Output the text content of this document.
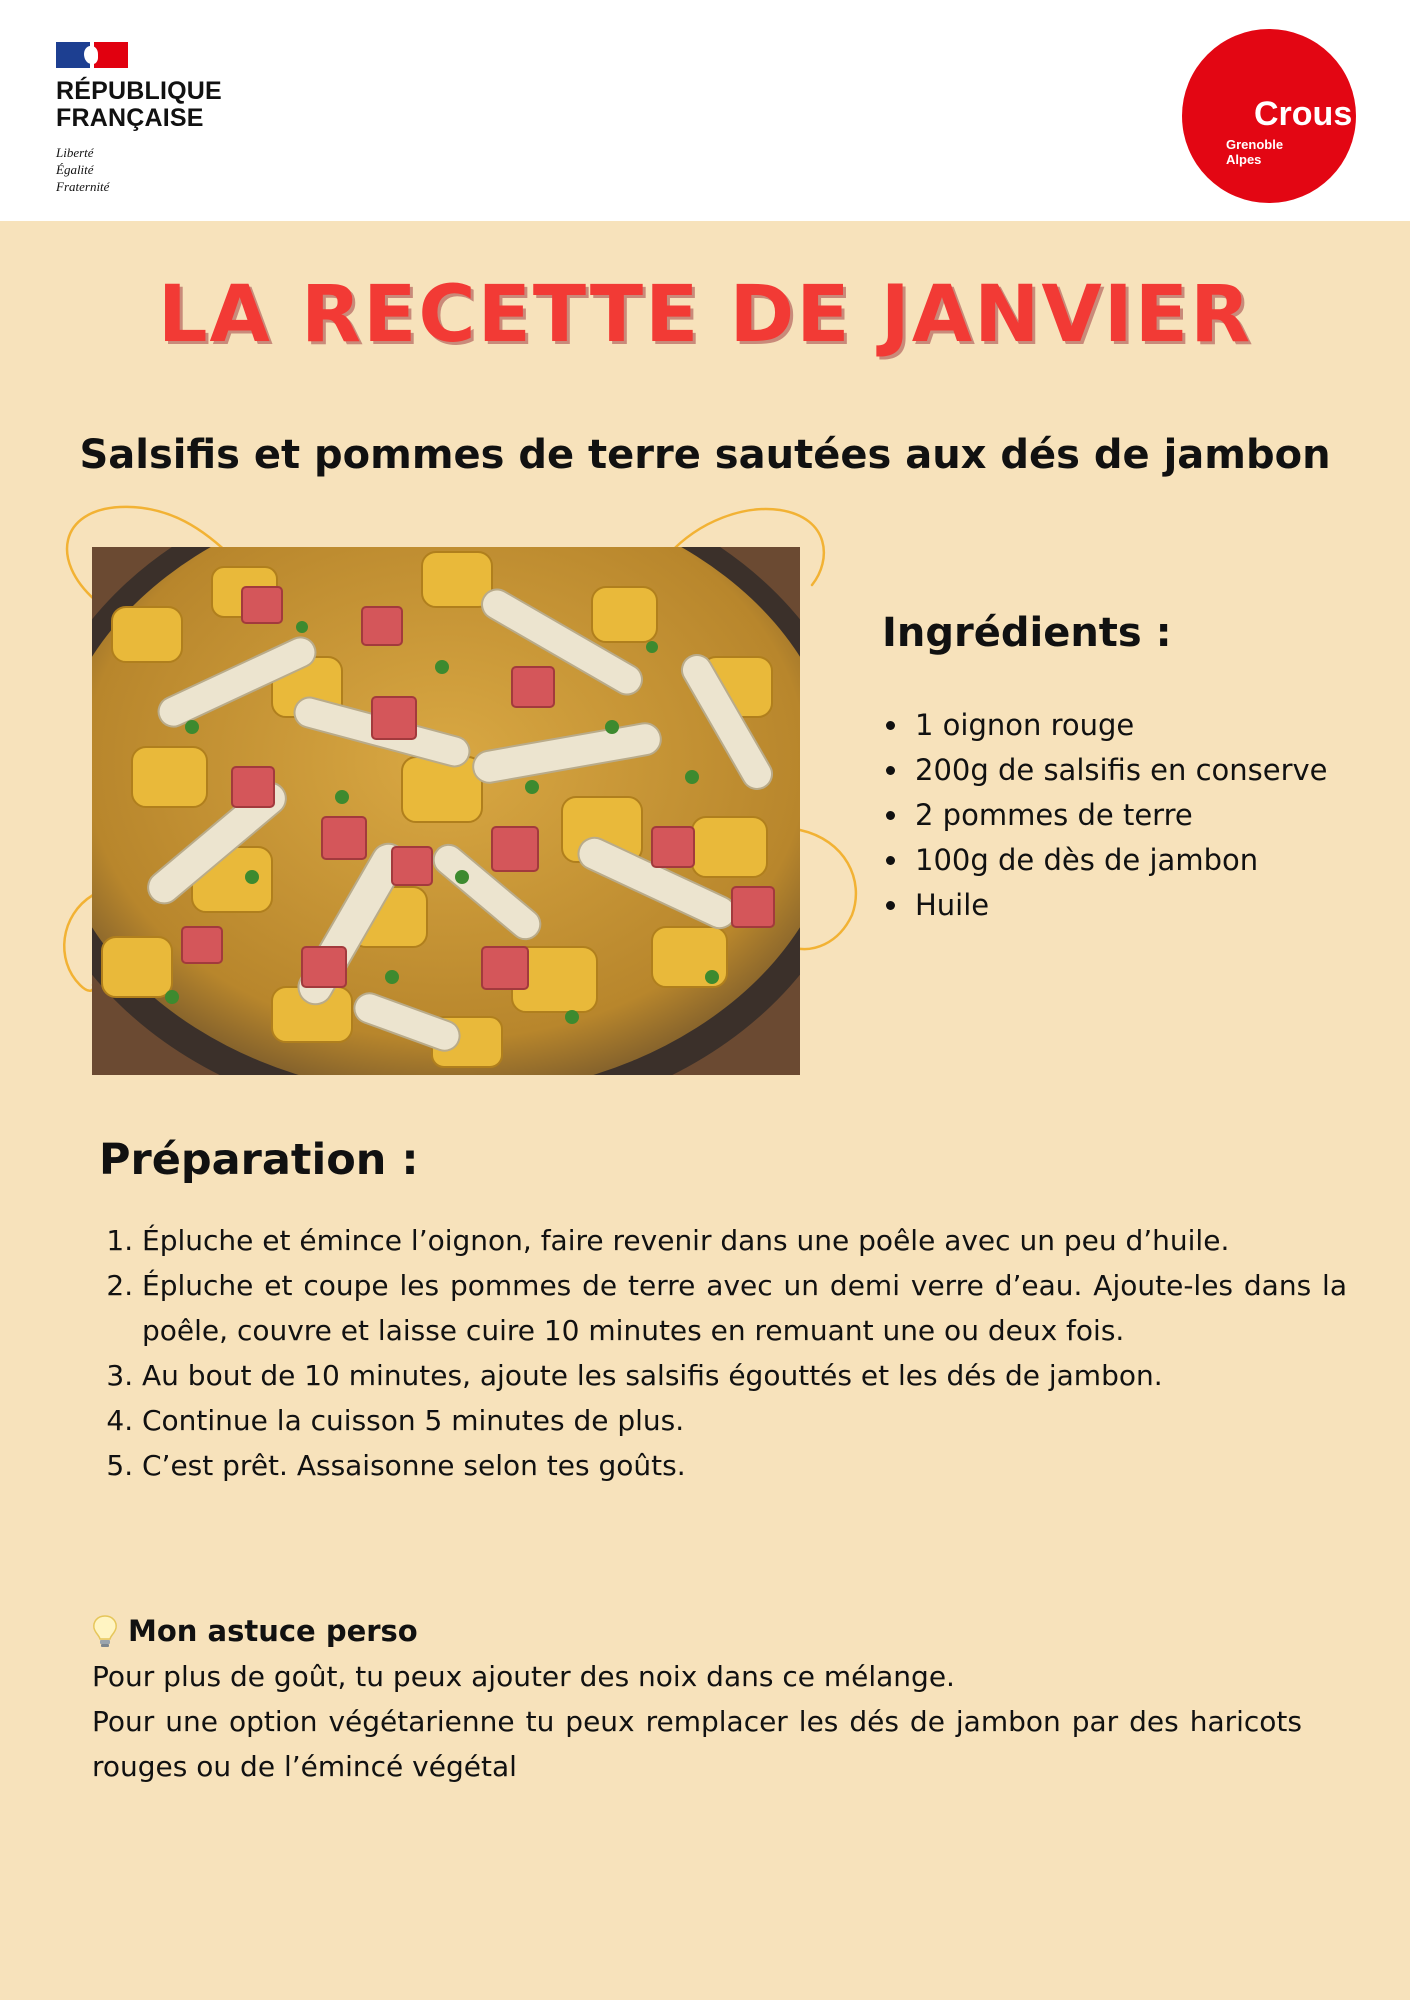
RÉPUBLIQUE
FRANÇAISE
Liberté
Égalité
Fraternité
Crous
Grenoble
Alpes
LA RECETTE DE JANVIER
Salsifis et pommes de terre sautées aux dés de jambon
Ingrédients :
• 1 oignon rouge
• 200g de salsifis en conserve
• 2 pommes de terre
• 100g de dès de jambon
• Huile
Préparation :
1. Épluche et émince l’oignon, faire revenir dans une poêle avec un peu d’huile.
2. Épluche et coupe les pommes de terre avec un demi verre d’eau. Ajoute-les dans la poêle, couvre et laisse cuire 10 minutes en remuant une ou deux fois.
3. Au bout de 10 minutes, ajoute les salsifis égouttés et les dés de jambon.
4. Continue la cuisson 5 minutes de plus.
5. C’est prêt. Assaisonne selon tes goûts.
Mon astuce perso

Pour plus de goût, tu peux ajouter des noix dans ce mélange.

Pour une option végétarienne tu peux remplacer les dés de jambon par des haricots rouges ou de l’émincé végétal
